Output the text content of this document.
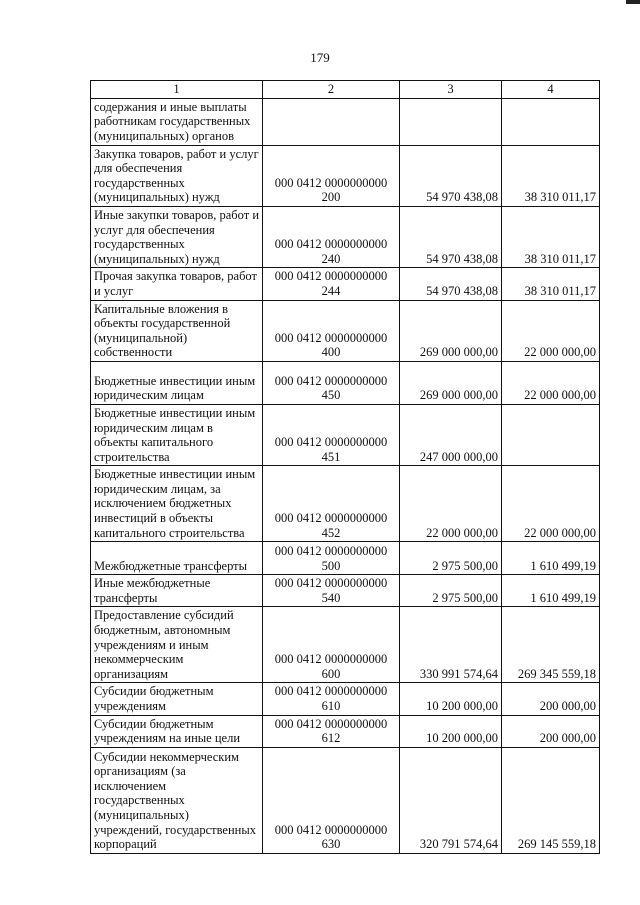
179
1	2	3	4
содержания и иные выплаты работникам государственных (муниципальных) органов			
Закупка товаров, работ и услуг для обеспечения государственных (муниципальных) нужд	000 0412 0000000000 200	54 970 438,08	38 310 011,17
Иные закупки товаров, работ и услуг для обеспечения государственных (муниципальных) нужд	000 0412 0000000000 240	54 970 438,08	38 310 011,17
Прочая закупка товаров, работ и услуг	000 0412 0000000000 244	54 970 438,08	38 310 011,17
Капитальные вложения в объекты государственной (муниципальной) собственности	000 0412 0000000000 400	269 000 000,00	22 000 000,00
Бюджетные инвестиции иным юридическим лицам	000 0412 0000000000 450	269 000 000,00	22 000 000,00
Бюджетные инвестиции иным юридическим лицам в объекты капитального строительства	000 0412 0000000000 451	247 000 000,00	
Бюджетные инвестиции иным юридическим лицам, за исключением бюджетных инвестиций в объекты капитального строительства	000 0412 0000000000 452	22 000 000,00	22 000 000,00
Межбюджетные трансферты	000 0412 0000000000 500	2 975 500,00	1 610 499,19
Иные межбюджетные трансферты	000 0412 0000000000 540	2 975 500,00	1 610 499,19
Предоставление субсидий бюджетным, автономным учреждениям и иным некоммерческим организациям	000 0412 0000000000 600	330 991 574,64	269 345 559,18
Субсидии бюджетным учреждениям	000 0412 0000000000 610	10 200 000,00	200 000,00
Субсидии бюджетным учреждениям на иные цели	000 0412 0000000000 612	10 200 000,00	200 000,00
Субсидии некоммерческим организациям (за исключением государственных (муниципальных) учреждений, государственных корпораций	000 0412 0000000000 630	320 791 574,64	269 145 559,18
